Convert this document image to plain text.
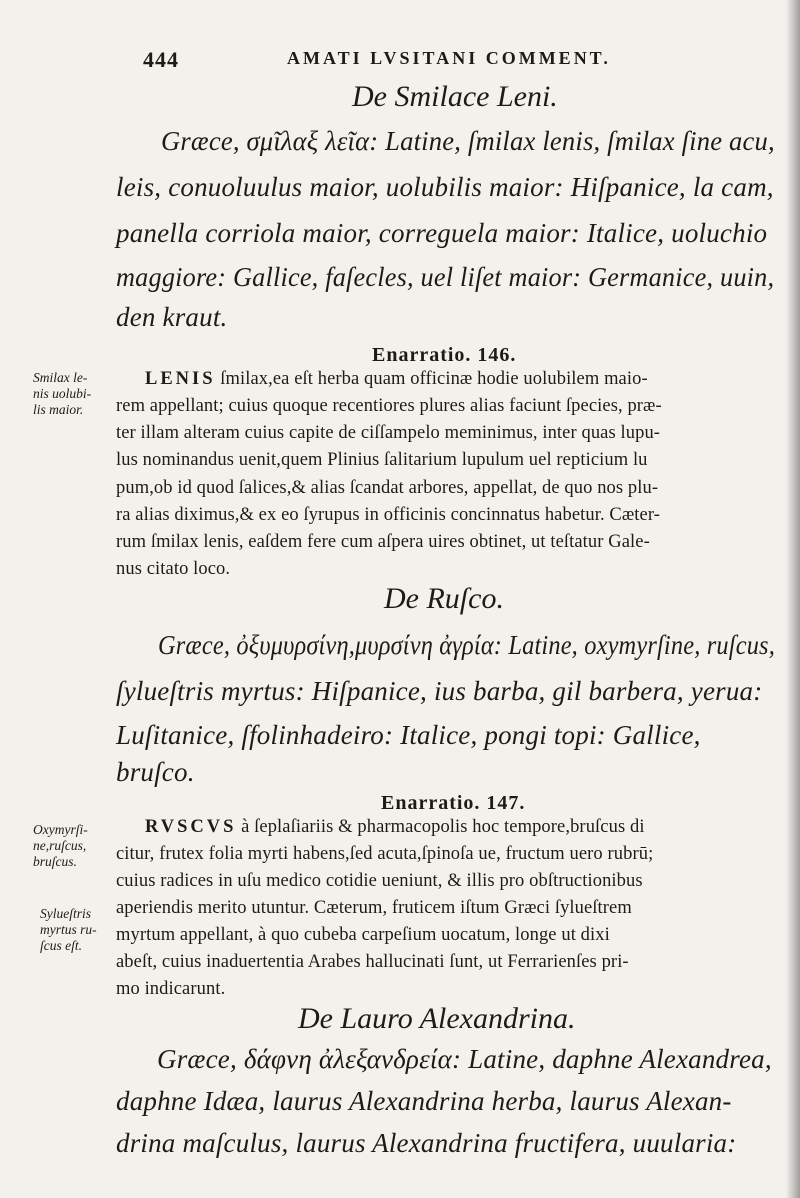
444	AMATI LVSITANI COMMENT.
De Smilace Leni.
Græce, σμῖλαξ λεῖα: Latine, ſmilax lenis, ſmilax ſine acu,
leis, conuoluulus maior, uolubilis maior: Hiſpanice, la cam,
panella corriola maior, correguela maior: Italice, uoluchio
maggiore: Gallice, faſecles, uel liſet maior: Germanice, uuin,
den kraut.
Enarratio. 146.
Smilax le- nis uolubi- lis maior.
LENIS ſmilax,ea eſt herba quam officinæ hodie uolubilem maio-
rem appellant; cuius quoque recentiores plures alias faciunt ſpecies, præ-
ter illam alteram cuius capite de ciſſampelo meminimus, inter quas lupu-
lus nominandus uenit,quem Plinius ſalitarium lupulum uel repticium lu
pum,ob id quod ſalices,& alias ſcandat arbores, appellat, de quo nos plu-
ra alias diximus,& ex eo ſyrupus in officinis concinnatus habetur. Cæter-
rum ſmilax lenis, eaſdem fere cum aſpera uires obtinet, ut teſtatur Gale-
nus citato loco.
De Ruſco.
Græce, ὀξυμυρσίνη,μυρσίνη ἀγρία: Latine, oxymyrſine, ruſcus,
ſylueſtris myrtus: Hiſpanice, ius barba, gil barbera, yerua:
Luſitanice, ſfolinhadeiro: Italice, pongi topi: Gallice,
bruſco.
Enarratio. 147.
Oxymyrſi- ne,ruſcus, bruſcus.
Sylueſtris myrtus ru- ſcus eſt.
RVSCVS à ſeplaſiariis & pharmacopolis hoc tempore,bruſcus di
citur, frutex folia myrti habens,ſed acuta,ſpinoſa ue, fructum uero rubrū;
cuius radices in uſu medico cotidie ueniunt, & illis pro obſtructionibus
aperiendis merito utuntur. Cæterum, fruticem iſtum Græci ſylueſtrem
myrtum appellant, à quo cubeba carpeſium uocatum, longe ut dixi
abeſt, cuius inaduertentia Arabes hallucinati ſunt, ut Ferrarienſes pri-
mo indicarunt.
De Lauro Alexandrina.
Græce, δάφνη ἀλεξανδρεία: Latine, daphne Alexandrea,
daphne Idæa, laurus Alexandrina herba, laurus Alexan-
drina maſculus, laurus Alexandrina fructifera, uuularia:
